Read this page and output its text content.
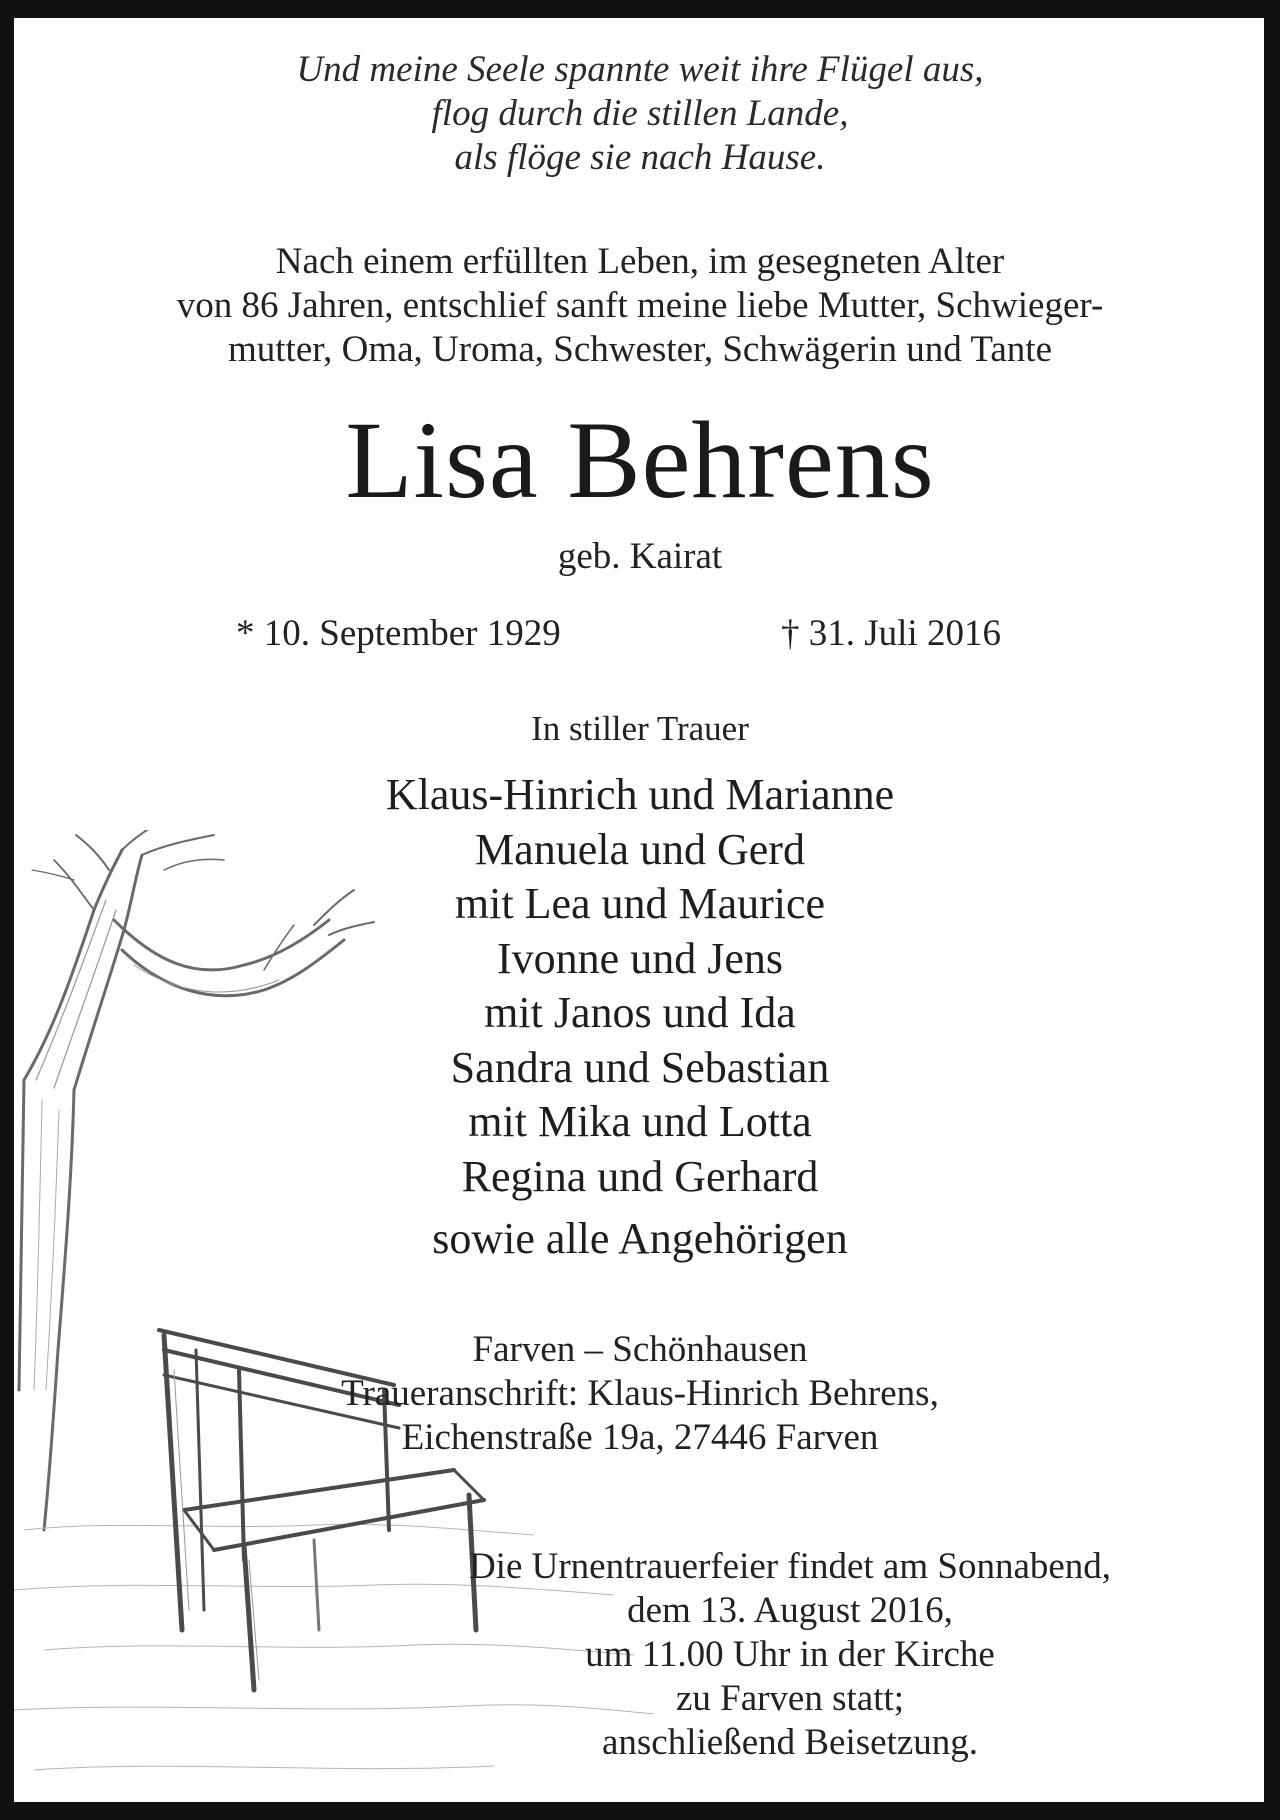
Und meine Seele spannte weit ihre Flügel aus,
flog durch die stillen Lande,
als flöge sie nach Hause.
Nach einem erfüllten Leben, im gesegneten Alter
von 86 Jahren, entschlief sanft meine liebe Mutter, Schwieger-
mutter, Oma, Uroma, Schwester, Schwägerin und Tante
Lisa Behrens
geb. Kairat
* 10. September 1929	† 31. Juli 2016
In stiller Trauer
Klaus-Hinrich und Marianne
Manuela und Gerd
mit Lea und Maurice
Ivonne und Jens
mit Janos und Ida
Sandra und Sebastian
mit Mika und Lotta
Regina und Gerhard
sowie alle Angehörigen
Farven – Schönhausen
Traueranschrift: Klaus-Hinrich Behrens,
Eichenstraße 19a, 27446 Farven
Die Urnentrauerfeier findet am Sonnabend,
dem 13. August 2016,
um 11.00 Uhr in der Kirche
zu Farven statt;
anschließend Beisetzung.
